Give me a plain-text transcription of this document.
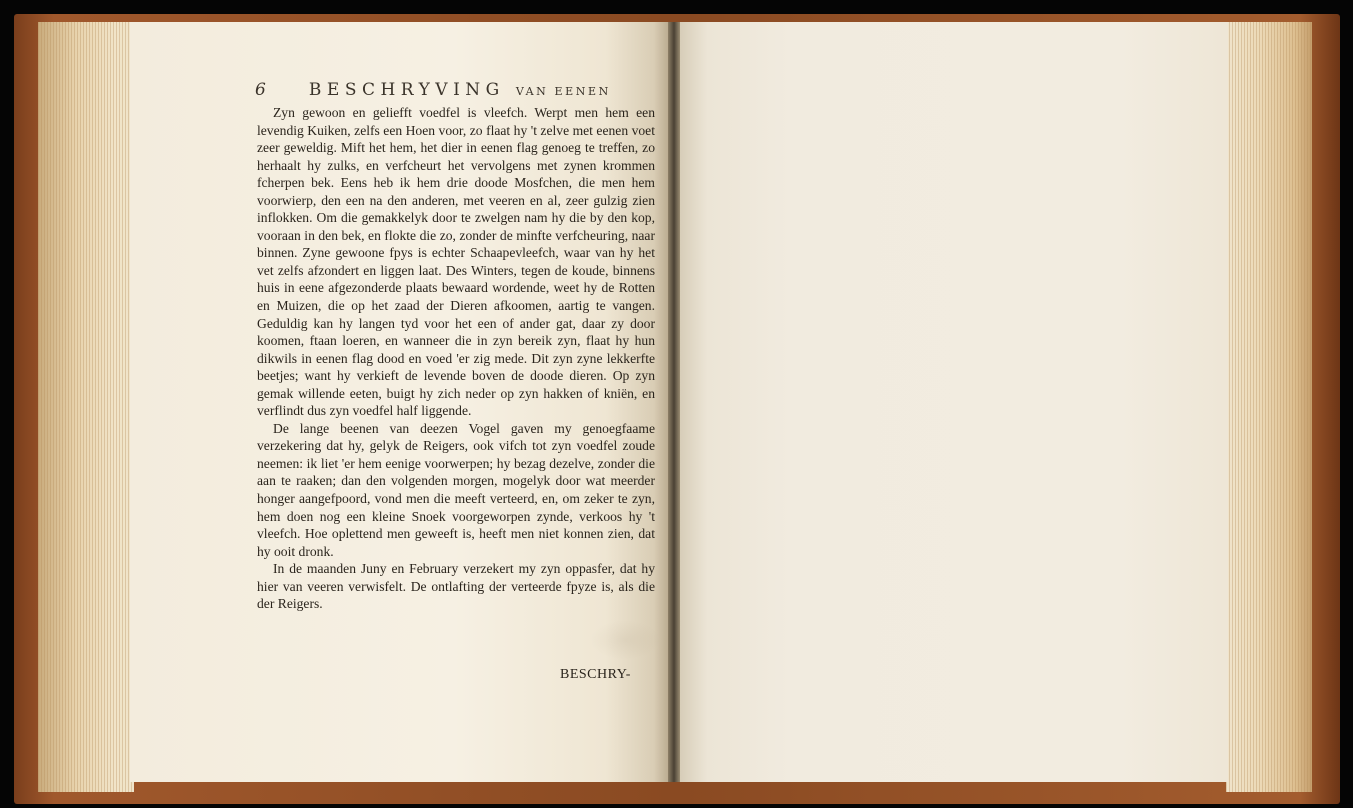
6	BESCHRYVING VAN EENEN

Zyn gewoon en geliefft voedfel is vleefch. Werpt men hem een levendig Kuiken, zelfs een Hoen voor, zo flaat hy 't zelve met eenen voet zeer geweldig. Mift het hem, het dier in eenen flag genoeg te treffen, zo herhaalt hy zulks, en verfcheurt het vervolgens met zynen krommen fcherpen bek. Eens heb ik hem drie doode Mosfchen, die men hem voorwierp, den een na den anderen, met veeren en al, zeer gulzig zien inflokken. Om die gemakkelyk door te zwelgen nam hy die by den kop, vooraan in den bek, en flokte die zo, zonder de minfte verfcheuring, naar binnen. Zyne gewoone fpys is echter Schaapevleefch, waar van hy het vet zelfs afzondert en liggen laat. Des Winters, tegen de koude, binnens huis in eene afgezonderde plaats bewaard wordende, weet hy de Rotten en Muizen, die op het zaad der Dieren afkoomen, aartig te vangen. Geduldig kan hy langen tyd voor het een of ander gat, daar zy door koomen, ftaan loeren, en wanneer die in zyn bereik zyn, flaat hy hun dikwils in eenen flag dood en voed 'er zig mede. Dit zyn zyne lekkerfte beetjes; want hy verkieft de levende boven de doode dieren. Op zyn gemak willende eeten, buigt hy zich neder op zyn hakken of kniën, en verflindt dus zyn voedfel half liggende.

De lange beenen van deezen Vogel gaven my genoegfaame verzekering dat hy, gelyk de Reigers, ook vifch tot zyn voedfel zoude neemen: ik liet 'er hem eenige voorwerpen; hy bezag dezelve, zonder die aan te raaken; dan den volgenden morgen, mogelyk door wat meerder honger aangefpoord, vond men die meeft verteerd, en, om zeker te zyn, hem doen nog een kleine Snoek voorgeworpen zynde, verkoos hy 't vleefch. Hoe oplettend men geweeft is, heeft men niet konnen zien, dat hy ooit dronk.

In de maanden Juny en February verzekert my zyn oppasfer, dat hy hier van veeren verwisfelt. De ontlafting der verteerde fpyze is, als die der Reigers.

BESCHRY-
